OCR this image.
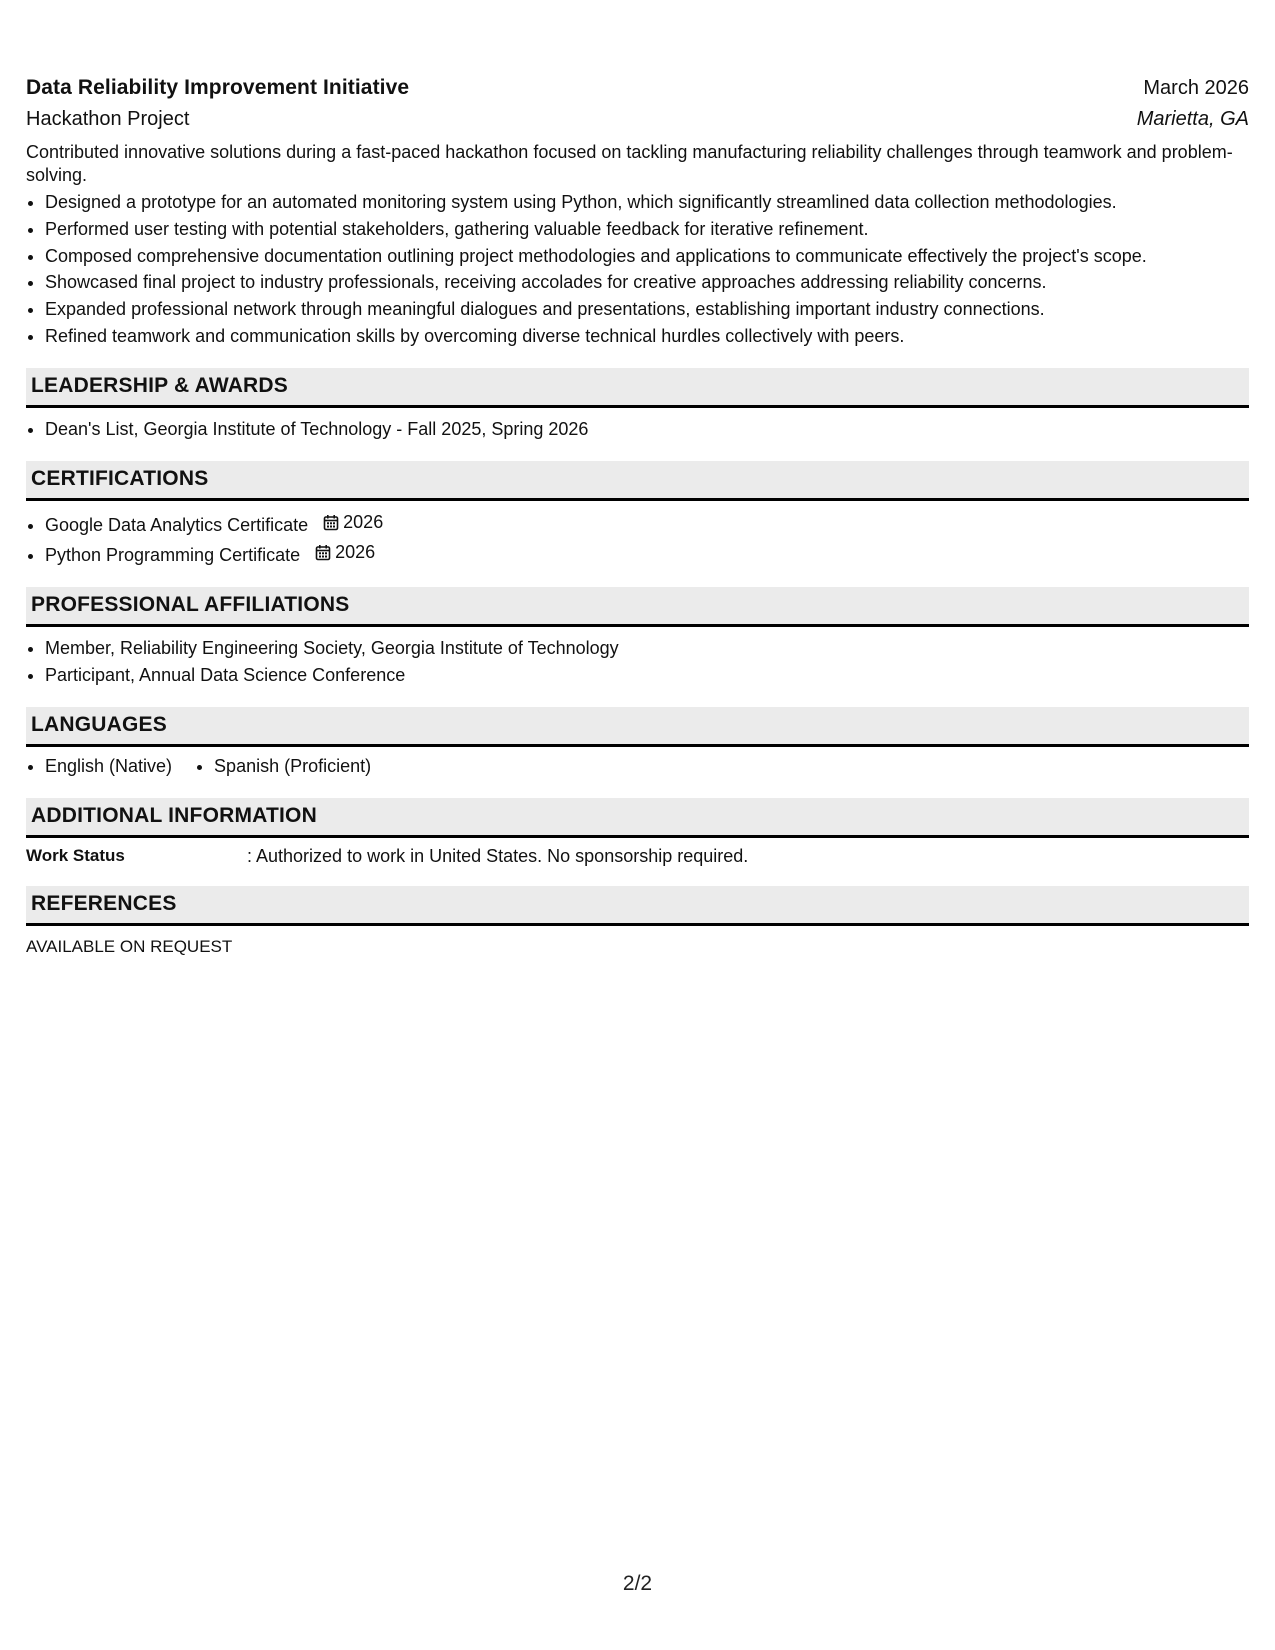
Data Reliability Improvement Initiative	March 2026
Hackathon Project	Marietta, GA
Contributed innovative solutions during a fast-paced hackathon focused on tackling manufacturing reliability challenges through teamwork and problem-solving.
• Designed a prototype for an automated monitoring system using Python, which significantly streamlined data collection methodologies.
• Performed user testing with potential stakeholders, gathering valuable feedback for iterative refinement.
• Composed comprehensive documentation outlining project methodologies and applications to communicate effectively the project's scope.
• Showcased final project to industry professionals, receiving accolades for creative approaches addressing reliability concerns.
• Expanded professional network through meaningful dialogues and presentations, establishing important industry connections.
• Refined teamwork and communication skills by overcoming diverse technical hurdles collectively with peers.
LEADERSHIP & AWARDS
• Dean's List, Georgia Institute of Technology - Fall 2025, Spring 2026
CERTIFICATIONS
• Google Data Analytics Certificate 2026
• Python Programming Certificate 2026
PROFESSIONAL AFFILIATIONS
• Member, Reliability Engineering Society, Georgia Institute of Technology
• Participant, Annual Data Science Conference
LANGUAGES
• English (Native)
• Spanish (Proficient)
ADDITIONAL INFORMATION
Work Status	: Authorized to work in United States. No sponsorship required.
REFERENCES
AVAILABLE ON REQUEST
2/2
